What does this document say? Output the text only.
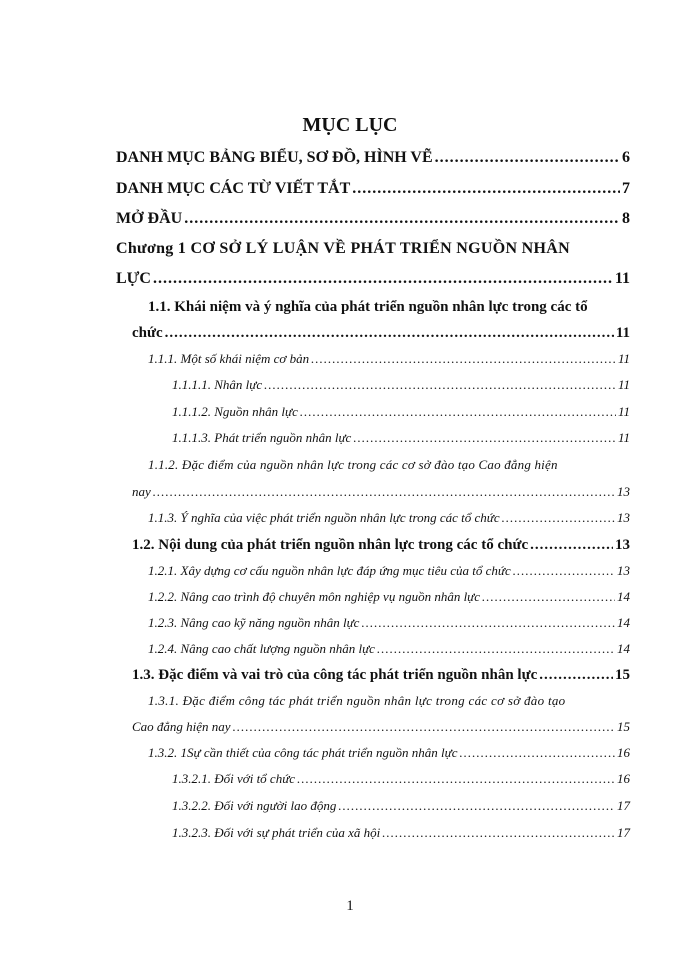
MỤC LỤC
DANH MỤC BẢNG BIỂU, SƠ ĐỒ, HÌNH VẼ .....	6
DANH MỤC CÁC TỪ VIẾT TẮT .....	7
MỞ ĐẦU .....	8
Chương 1 CƠ SỞ LÝ LUẬN VỀ PHÁT TRIỂN NGUỒN NHÂN
LỰC .....	11
1.1. Khái niệm và ý nghĩa của phát triển nguồn nhân lực trong các tổ
chức .....	11
1.1.1. Một số khái niệm cơ bản .....	11
1.1.1.1. Nhân lực .....	11
1.1.1.2. Nguồn nhân lực .....	11
1.1.1.3. Phát triển nguồn nhân lực .....	11
1.1.2. Đặc điểm của nguồn nhân lực trong các cơ sở đào tạo Cao đẳng hiện
nay .....	13
1.1.3. Ý nghĩa của việc phát triển nguồn nhân lực trong các tổ chức .....	13
1.2. Nội dung của phát triển nguồn nhân lực trong các tổ chức .....	13
1.2.1. Xây dựng cơ cấu nguồn nhân lực đáp ứng mục tiêu của tổ chức .....	13
1.2.2. Nâng cao trình độ chuyên môn nghiệp vụ nguồn nhân lực .....	14
1.2.3. Nâng cao kỹ năng nguồn nhân lực .....	14
1.2.4. Nâng cao chất lượng nguồn nhân lực .....	14
1.3. Đặc điểm và vai trò của công tác phát triển nguồn nhân lực .....	15
1.3.1. Đặc điểm công tác phát triển nguồn nhân lực trong các cơ sở đào tạo
Cao đẳng hiện nay .....	15
1.3.2. 1Sự cần thiết của công tác phát triển nguồn nhân lực .....	16
1.3.2.1. Đối với tổ chức .....	16
1.3.2.2. Đối với người lao động .....	17
1.3.2.3. Đối với sự phát triển của xã hội .....	17
1
